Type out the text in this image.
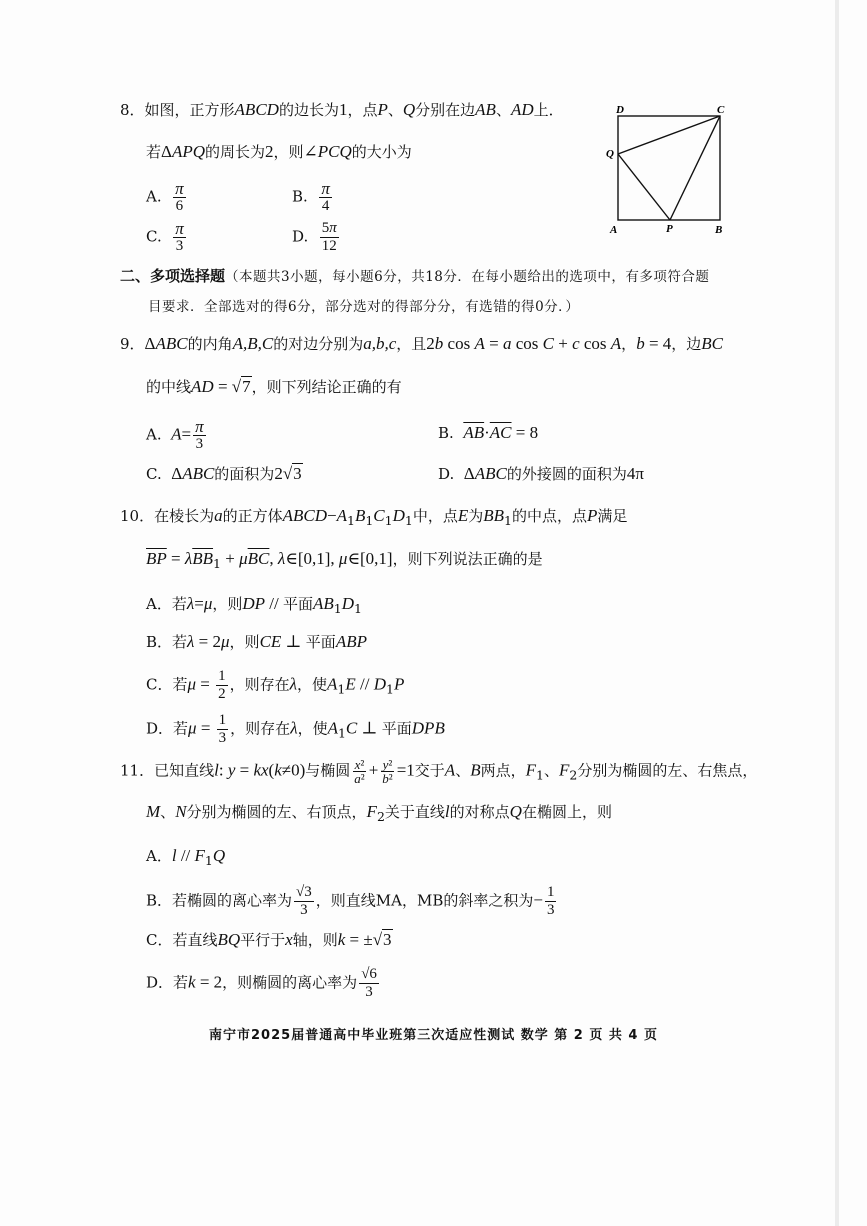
8．如图，正方形ABCD的边长为1，点P、Q分别在边AB、AD上．
若ΔAPQ的周长为2，则∠PCQ的大小为
A. $\frac{\pi}{6}$	B. $\frac{\pi}{4}$
C. $\frac{\pi}{3}$	D. $\frac{5\pi}{12}$
D	C
Q
A	P	B
二、多项选择题（本题共3小题，每小题6分，共18分．在每小题给出的选项中，有多项符合题
目要求．全部选对的得6分，部分选对的得部分分，有选错的得0分．）
9．ΔABC的内角A,B,C的对边分别为a,b,c，且2b cos A = a cos C + c cos A，b = 4，边BC
的中线AD = √7，则下列结论正确的有
A.  $A= \frac{\pi}{3}$	B.  $\overline{AB}\cdot\overline{AC} = 8$
C.  ΔABC的面积为2√3	D.  ΔABC的外接圆的面积为4π
10．在棱长为a的正方体$ABCD-A_1B_1C_1D_1$中，点E为$BB_1$的中点，点P满足
$\overline{BP} = \lambda\overline{BB}_1 + \mu\overline{BC}$, λ∈[0,1], μ∈[0,1]，则下列说法正确的是
A．若λ=μ，则DP // 平面$AB_1D_1$
B．若λ = 2μ，则CE ⊥ 平面ABP
C．若$\mu = \frac{1}{2}$ ，则存在λ，使$A_1E // D_1P$
D．若$\mu = \frac{1}{3}$ ，则存在λ，使$A_1C$ ⊥ 平面DPB
11．已知直线l: y = kx(k≠0)与椭圆 $\frac{\text{x²}}{\text{a²}} + \frac{\text{y²}}{\text{b²}} =1$交于A、B两点，$F_1$、$F_2$分别为椭圆的左、右焦点，
M、N分别为椭圆的左、右顶点，$F_2$关于直线l的对称点Q在椭圆上，则
A．l // $F_1Q$
B．若椭圆的离心率为 $\frac{√3}{3}$ ，则直线MA，MB的斜率之积为− $\frac{1}{3}$
C．若直线BQ平行于x轴，则k = ±√3
D．若k = 2，则椭圆的离心率为 $\frac{√6}{3}$
南宁市2025届普通高中毕业班第三次适应性测试 数学 第 2 页 共 4 页
